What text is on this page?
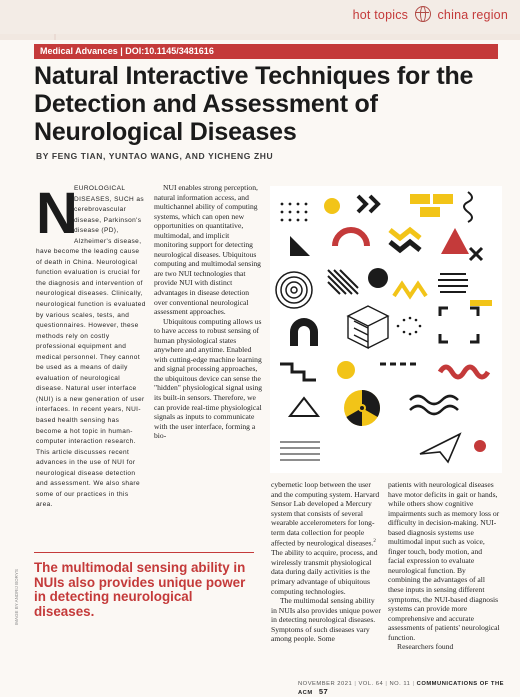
hot topics china region
Medical Advances | DOI:10.1145/3481616
Natural Interactive Techniques for the Detection and Assessment of Neurological Diseases
BY FENG TIAN, YUNTAO WANG, AND YICHENG ZHU
N

EUROLOGICAL DISEASES, SUCH as cerebrovascular disease, Parkinson's disease (PD), Alzheimer's disease, have become the leading cause of death in China. Neurological function evaluation is crucial for the diagnosis and intervention of neurological diseases. Clinically, neurological function is evaluated by various scales, tests, and questionnaires. However, these methods rely on costly professional equipment and medical personnel. They cannot be used as a means of daily evaluation of neurological disease. Natural user interface (NUI) is a new generation of user interfaces. In recent years, NUI-based health sensing has become a hot topic in human-computer interaction research. This article discusses recent advances in the use of NUI for neurological disease detection and assessment. We also share some of our practices in this area.

NUI enables strong perception, natural information access, and multichannel ability of computing systems, which can open new opportunities on quantitative, multimodal, and implicit monitoring support for detecting neurological diseases. Ubiquitous computing and multimodal sensing are two NUI technologies that provide NUI with distinct advantages in disease detection over conventional neurological assessment approaches.

Ubiquitous computing allows us to have access to robust sensing of human physiological states anywhere and anytime. Enabled with cutting-edge machine learning and signal processing approaches, the ubiquitous device can sense the "hidden" physiological signal using its built-in sensors. Therefore, we can provide real-time physiological signals as inputs to communicate with the user interface, forming a bio-

cybernetic loop between the user and the computing system. Harvard Sensor Lab developed a Mercury system that consists of several wearable accelerometers for long-term data collection for people affected by neurological diseases.$^2$ The ability to acquire, process, and wirelessly transmit physiological data during daily activities is the primary advantage of ubiquitous computing technologies.

The multimodal sensing ability in NUIs also provides unique power in detecting neurological diseases. Symptoms of such diseases vary among people. Some

patients with neurological diseases have motor deficits in gait or hands, while others show cognitive impairments such as memory loss or difficulty in decision-making. NUI-based diagnosis systems use multimodal input such as voice, finger touch, body motion, and facial expression to evaluate neurological function. By combining the advantages of all these inputs in sensing different symptoms, the NUI-based diagnosis systems can provide more comprehensive and accurate assessments of patients' neurological function.

Researchers found

The multimodal sensing ability in NUIs also provides unique power in detecting neurological diseases.
IMAGE BY ANDRIJ BORYS
NOVEMBER 2021 | VOL. 64 | NO. 11 | COMMUNICATIONS OF THE ACM 57
